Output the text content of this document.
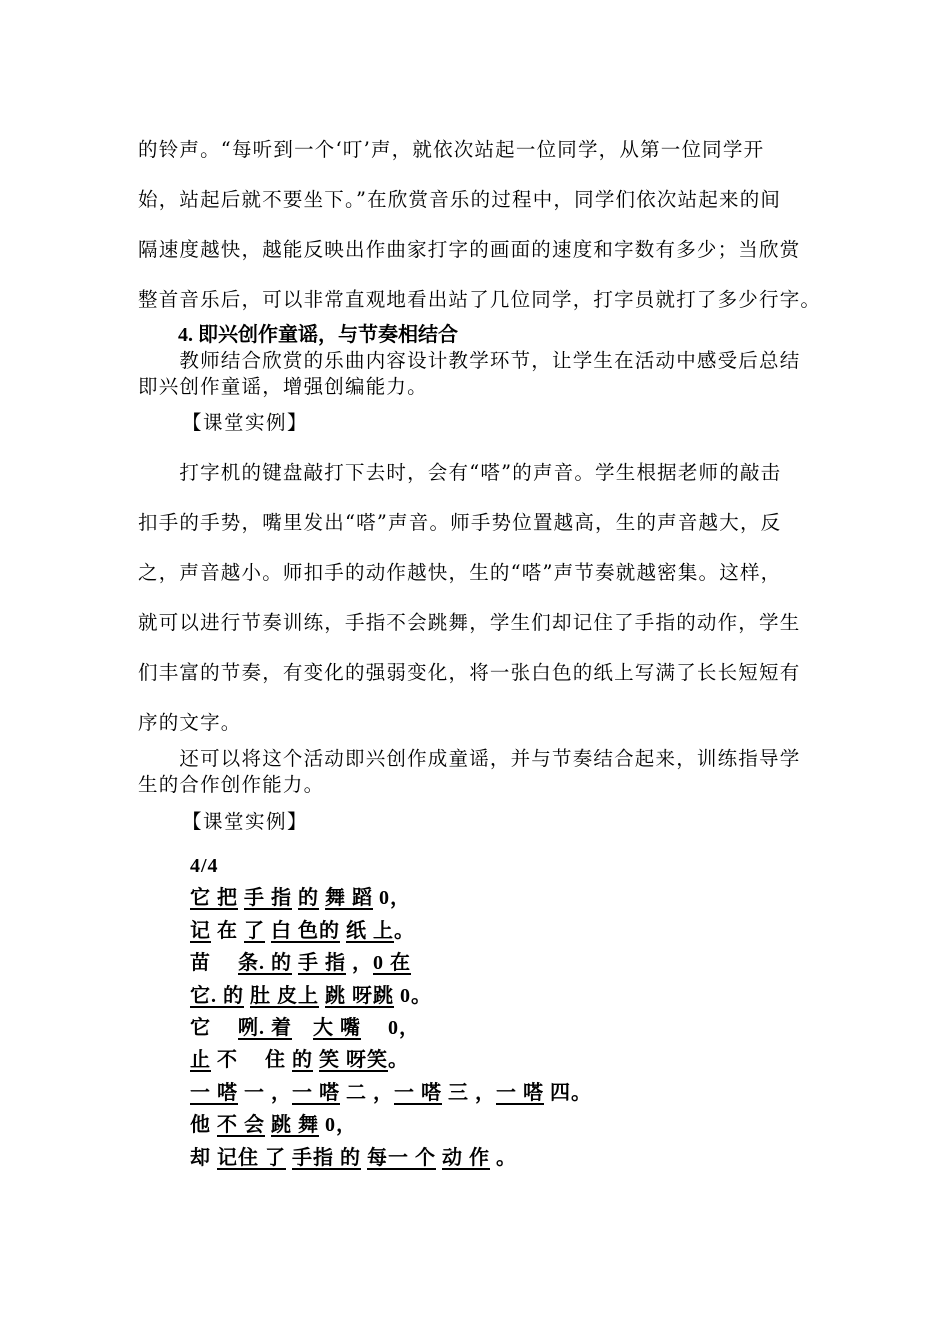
的铃声。“每听到一个‘叮’声，就依次站起一位同学，从第一位同学开
始，站起后就不要坐下。”在欣赏音乐的过程中，同学们依次站起来的间
隔速度越快，越能反映出作曲家打字的画面的速度和字数有多少；当欣赏
整首音乐后，可以非常直观地看出站了几位同学，打字员就打了多少行字。
4. 即兴创作童谣，与节奏相结合
　　教师结合欣赏的乐曲内容设计教学环节，让学生在活动中感受后总结
即兴创作童谣，增强创编能力。
【课堂实例】
　　打字机的键盘敲打下去时，会有“嗒”的声音。学生根据老师的敲击
扣手的手势，嘴里发出“嗒”声音。师手势位置越高，生的声音越大，反
之，声音越小。师扣手的动作越快，生的“嗒”声节奏就越密集。这样，
就可以进行节奏训练，手指不会跳舞，学生们却记住了手指的动作，学生
们丰富的节奏，有变化的强弱变化，将一张白色的纸上写满了长长短短有
序的文字。
　　还可以将这个活动即兴创作成童谣，并与节奏结合起来，训练指导学
生的合作创作能力。
【课堂实例】
4/4
它 把 手 指 的 舞 蹈 0，
记 在 了 白 色的 纸 上。
苗　 条. 的 手 指 ，0 在
它. 的 肚 皮上 跳 呀跳 0。
它　 咧. 着　 大 嘴　 0，
止 不 　住 的 笑 呀笑。
一 嗒 一 ，一 嗒 二 ，一 嗒 三 ，一 嗒 四。
他 不 会 跳 舞 0，
却 记住 了 手指 的 每一 个 动 作 。
